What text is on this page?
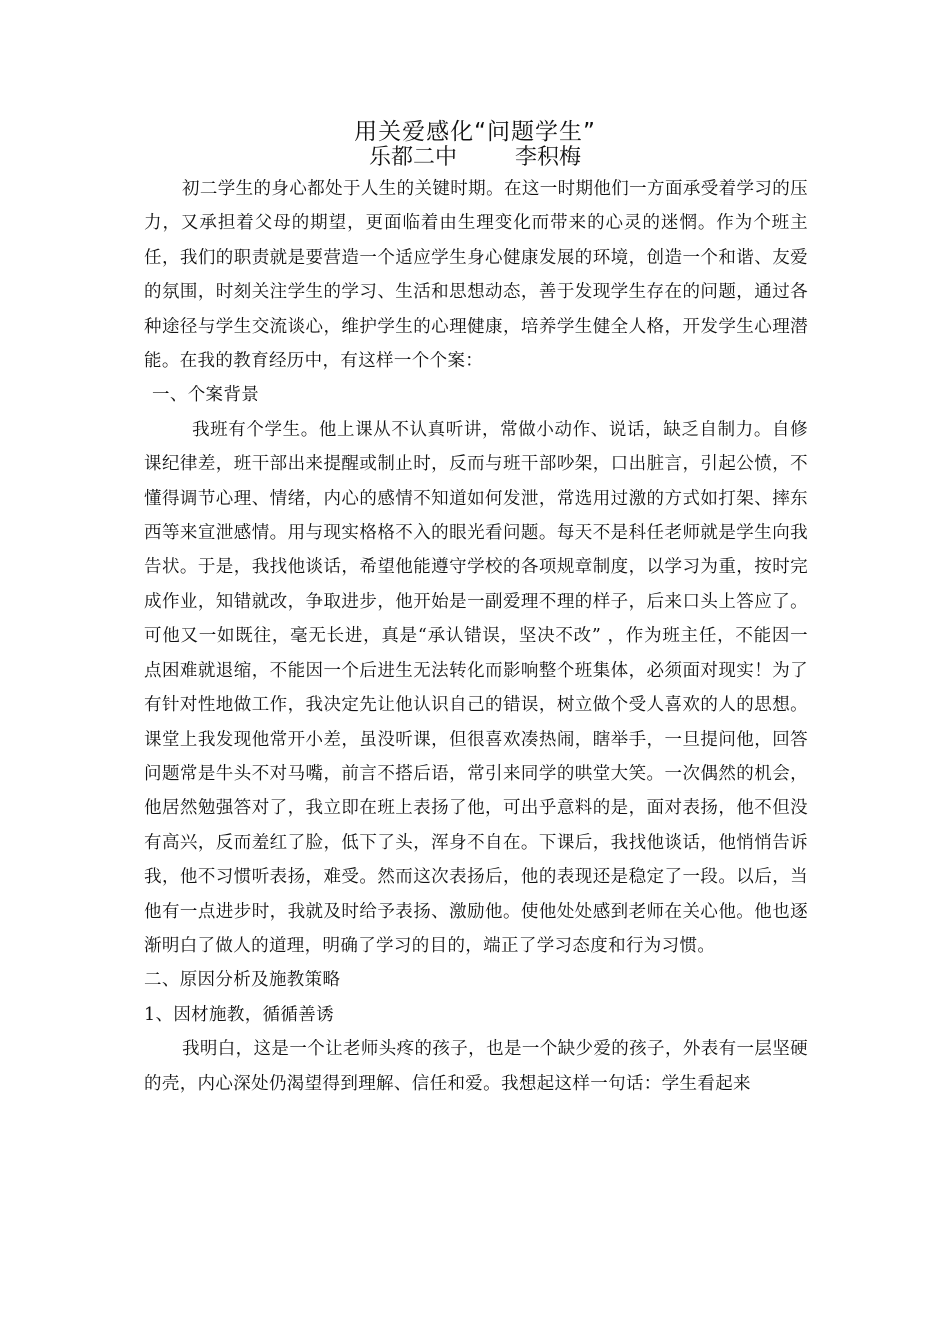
用关爱感化“问题学生”
乐都二中	李积梅

初二学生的身心都处于人生的关键时期。在这一时期他们一方面承受着学习的压力，又承担着父母的期望，更面临着由生理变化而带来的心灵的迷惘。作为个班主任，我们的职责就是要营造一个适应学生身心健康发展的环境，创造一个和谐、友爱的氛围，时刻关注学生的学习、生活和思想动态，善于发现学生存在的问题，通过各种途径与学生交流谈心，维护学生的心理健康，培养学生健全人格，开发学生心理潜能。在我的教育经历中，有这样一个个案：

一、个案背景

我班有个学生。他上课从不认真听讲，常做小动作、说话，缺乏自制力。自修课纪律差，班干部出来提醒或制止时，反而与班干部吵架，口出脏言，引起公愤，不懂得调节心理、情绪，内心的感情不知道如何发泄，常选用过激的方式如打架、摔东西等来宣泄感情。用与现实格格不入的眼光看问题。每天不是科任老师就是学生向我告状。于是，我找他谈话，希望他能遵守学校的各项规章制度，以学习为重，按时完成作业，知错就改，争取进步，他开始是一副爱理不理的样子，后来口头上答应了。可他又一如既往，毫无长进，真是“承认错误，坚决不改” ，作为班主任，不能因一点困难就退缩，不能因一个后进生无法转化而影响整个班集体，必须面对现实！为了有针对性地做工作，我决定先让他认识自己的错误，树立做个受人喜欢的人的思想。课堂上我发现他常开小差，虽没听课，但很喜欢凑热闹，瞎举手，一旦提问他，回答问题常是牛头不对马嘴，前言不搭后语，常引来同学的哄堂大笑。一次偶然的机会，他居然勉强答对了，我立即在班上表扬了他，可出乎意料的是，面对表扬，他不但没有高兴，反而羞红了脸，低下了头，浑身不自在。下课后，我找他谈话，他悄悄告诉我，他不习惯听表扬，难受。然而这次表扬后，他的表现还是稳定了一段。以后，当他有一点进步时，我就及时给予表扬、激励他。使他处处感到老师在关心他。他也逐渐明白了做人的道理，明确了学习的目的，端正了学习态度和行为习惯。

二、原因分析及施教策略

1、因材施教，循循善诱

我明白，这是一个让老师头疼的孩子，也是一个缺少爱的孩子，外表有一层坚硬的壳，内心深处仍渴望得到理解、信任和爱。我想起这样一句话：学生看起来
